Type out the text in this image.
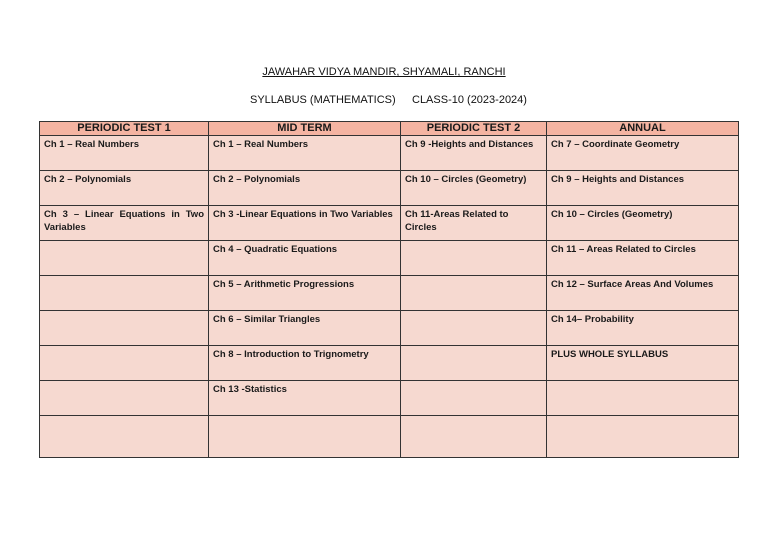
JAWAHAR VIDYA MANDIR, SHYAMALI, RANCHI
SYLLABUS (MATHEMATICS) CLASS-10 (2023-2024)
PERIODIC TEST 1	MID TERM	PERIODIC TEST 2	ANNUAL
Ch 1 – Real Numbers	Ch 1 – Real Numbers	Ch 9 -Heights and Distances	Ch 7 – Coordinate Geometry
Ch 2 – Polynomials	Ch 2 – Polynomials	Ch 10 – Circles (Geometry)	Ch 9 – Heights and Distances
Ch 3 – Linear Equations in Two Variables	Ch 3 -Linear Equations in Two Variables	Ch 11-Areas Related to Circles	Ch 10 – Circles (Geometry)
	Ch 4 – Quadratic Equations		Ch 11 – Areas Related to Circles
	Ch 5 – Arithmetic Progressions		Ch 12 – Surface Areas And Volumes
	Ch 6 – Similar Triangles		Ch 14– Probability
	Ch 8 – Introduction to Trignometry		PLUS WHOLE SYLLABUS
	Ch 13 -Statistics		
